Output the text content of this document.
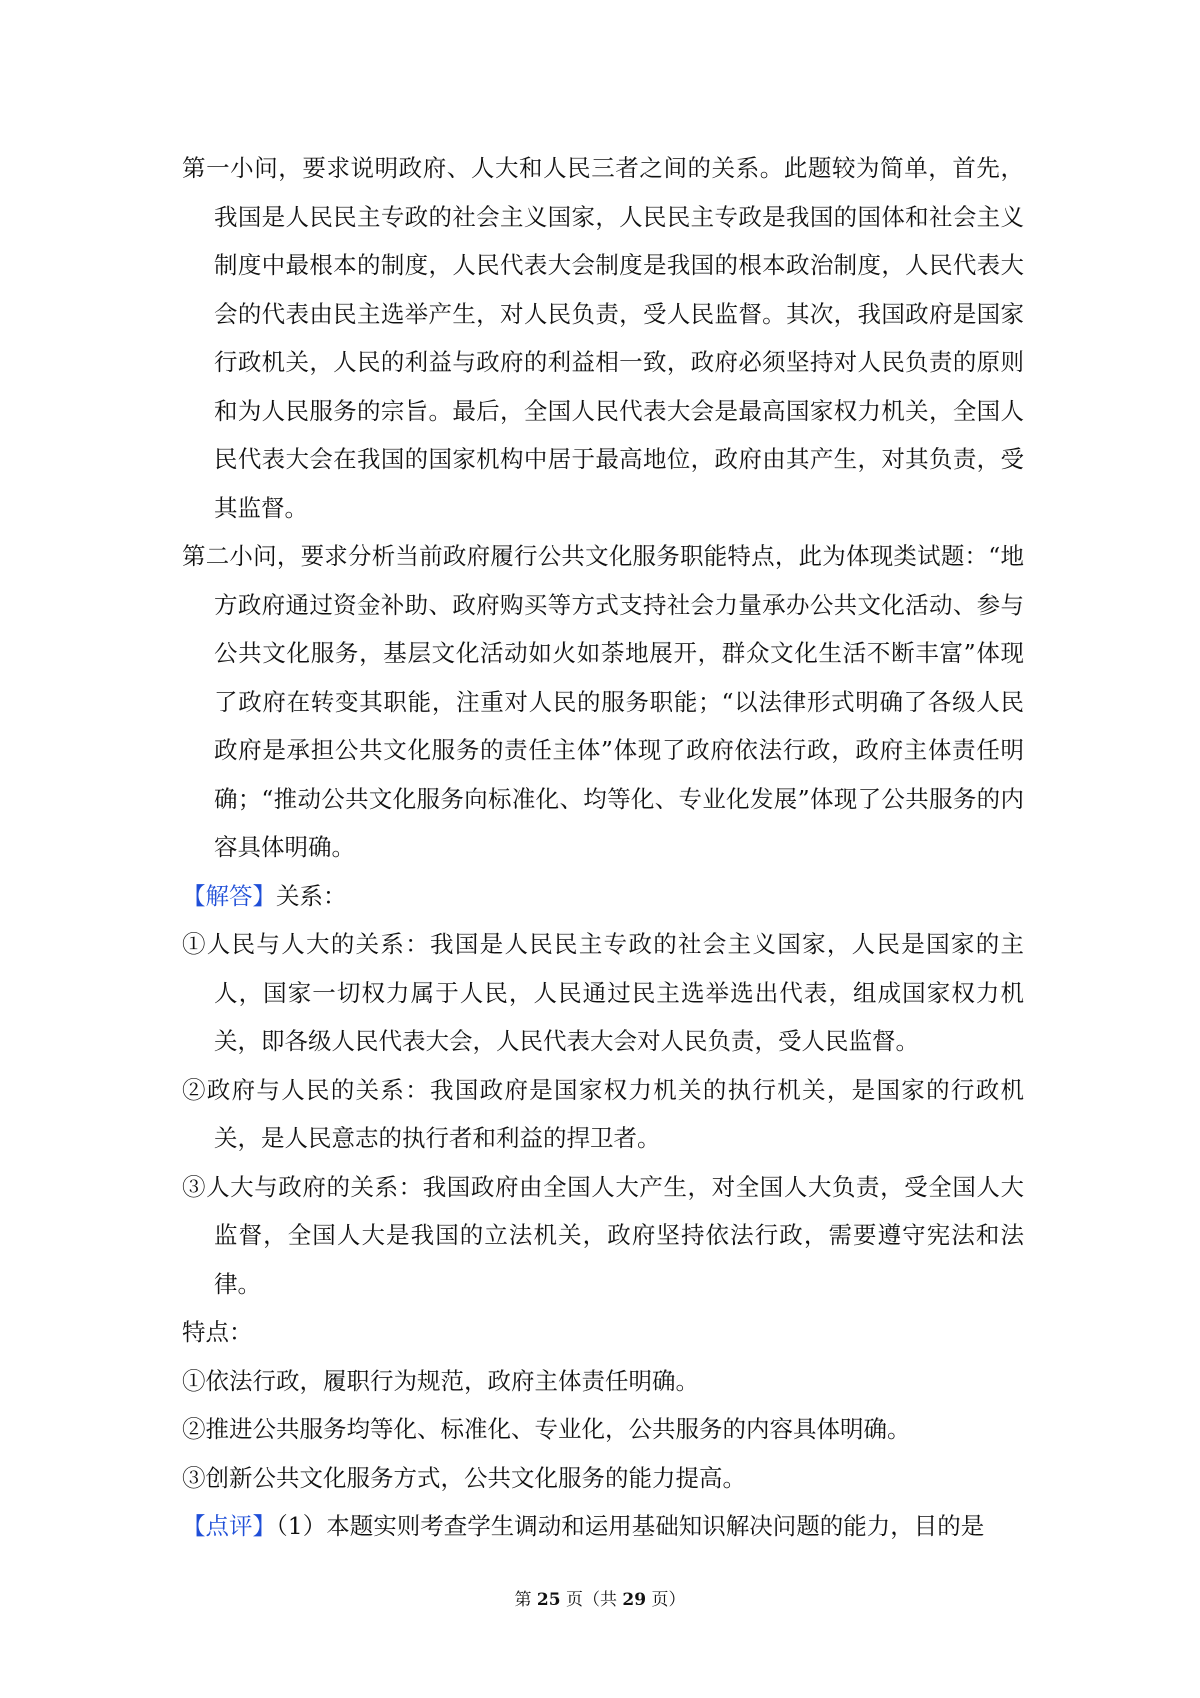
第一小问，要求说明政府、人大和人民三者之间的关系。此题较为简单，首先，我国是人民民主专政的社会主义国家，人民民主专政是我国的国体和社会主义制度中最根本的制度，人民代表大会制度是我国的根本政治制度，人民代表大会的代表由民主选举产生，对人民负责，受人民监督。其次，我国政府是国家行政机关，人民的利益与政府的利益相一致，政府必须坚持对人民负责的原则和为人民服务的宗旨。最后，全国人民代表大会是最高国家权力机关，全国人民代表大会在我国的国家机构中居于最高地位，政府由其产生，对其负责，受其监督。

第二小问，要求分析当前政府履行公共文化服务职能特点，此为体现类试题：“地方政府通过资金补助、政府购买等方式支持社会力量承办公共文化活动、参与公共文化服务，基层文化活动如火如荼地展开，群众文化生活不断丰富”体现了政府在转变其职能，注重对人民的服务职能；“以法律形式明确了各级人民政府是承担公共文化服务的责任主体”体现了政府依法行政，政府主体责任明确；“推动公共文化服务向标准化、均等化、专业化发展”体现了公共服务的内容具体明确。

【解答】关系：

①人民与人大的关系：我国是人民民主专政的社会主义国家，人民是国家的主人，国家一切权力属于人民，人民通过民主选举选出代表，组成国家权力机关，即各级人民代表大会，人民代表大会对人民负责，受人民监督。

②政府与人民的关系：我国政府是国家权力机关的执行机关，是国家的行政机关，是人民意志的执行者和利益的捍卫者。

③人大与政府的关系：我国政府由全国人大产生，对全国人大负责，受全国人大监督，全国人大是我国的立法机关，政府坚持依法行政，需要遵守宪法和法律。

特点：

①依法行政，履职行为规范，政府主体责任明确。

②推进公共服务均等化、标准化、专业化，公共服务的内容具体明确。

③创新公共文化服务方式，公共文化服务的能力提高。

【点评】（1）本题实则考查学生调动和运用基础知识解决问题的能力，目的是

第 25 页（共 29 页）
